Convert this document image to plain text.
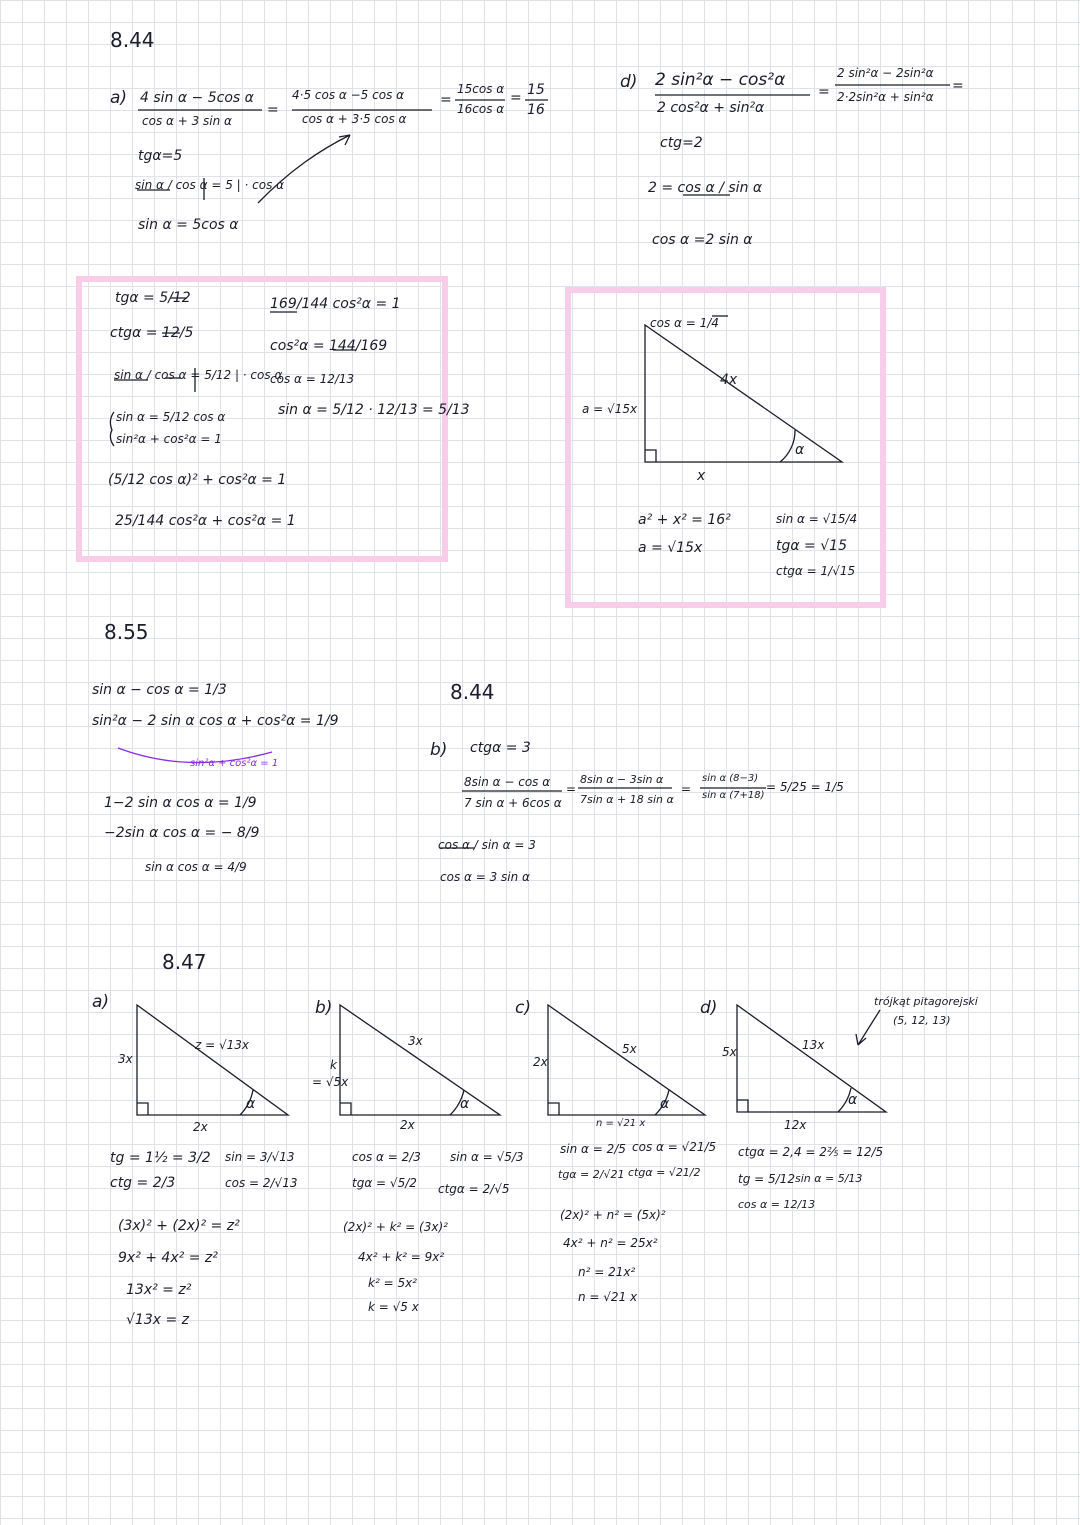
8.44
a) 4 sin α − 5cos α
cos α + 3 sin α
=
4·5 cos α −5 cos α
cos α + 3·5 cos α
=
15cos α
16cos α
= 15
16
tgα=5
sin α / cos α = 5 | · cos α
sin α = 5cos α
d) 2 sin²α − cos²α
2 cos²α + sin²α
=
2 sin²α − 2sin²α
2·2sin²α + sin²α
=
ctg=2
2 = cos α / sin α
cos α =2 sin α
tgα = 5/12
ctgα = 12/5
sin α / cos α = 5/12 | · cos α
sin α = 5/12 cos α
sin²α + cos²α = 1
(5/12 cos α)² + cos²α = 1
25/144 cos²α + cos²α = 1
169/144 cos²α = 1
cos²α = 144/169
cos α = 12/13
sin α = 5/12 · 12/13 = 5/13
cos α = 1/4
4x
a = √15x
x
α
a² + x² = 16²
a = √15x
sin α = √15/4
tgα = √15
ctgα = 1/√15
8.55
sin α − cos α = 1/3
sin²α − 2 sin α cos α + cos²α = 1/9
sin²α + cos²α = 1
1−2 sin α cos α = 1/9
−2sin α cos α = − 8/9
sin α cos α = 4/9
8.44
b) ctgα = 3
8sin α − cos α
7 sin α + 6cos α
=
8sin α − 3sin α
7sin α + 18 sin α
=
sin α (8−3)
sin α (7+18)
= 5/25 = 1/5
cos α / sin α = 3
cos α = 3 sin α
8.47
a)
3x
z = √13x
2x
α
tg = 1½ = 3/2
ctg = 2/3
sin = 3/√13
cos = 2/√13
(3x)² + (2x)² = z²
9x² + 4x² = z²
13x² = z²
√13x = z
b)
k
= √5x
3x
2x
α
cos α = 2/3 sin α = √5/3
tgα = √5/2 ctgα = 2/√5
(2x)² + k² = (3x)²
4x² + k² = 9x²
k² = 5x²
k = √5 x
c)
2x
5x
n = √21 x
α
sin α = 2/5 cos α = √21/5
tgα = 2/√21 ctgα = √21/2
(2x)² + n² = (5x)²
4x² + n² = 25x²
n² = 21x²
n = √21 x
d)
5x	13x
12x
α
ctgα = 2,4 = 2⅖ = 12/5
tg = 5/12 sin α = 5/13
cos α = 12/13
trójkąt pitagorejski
(5, 12, 13)
